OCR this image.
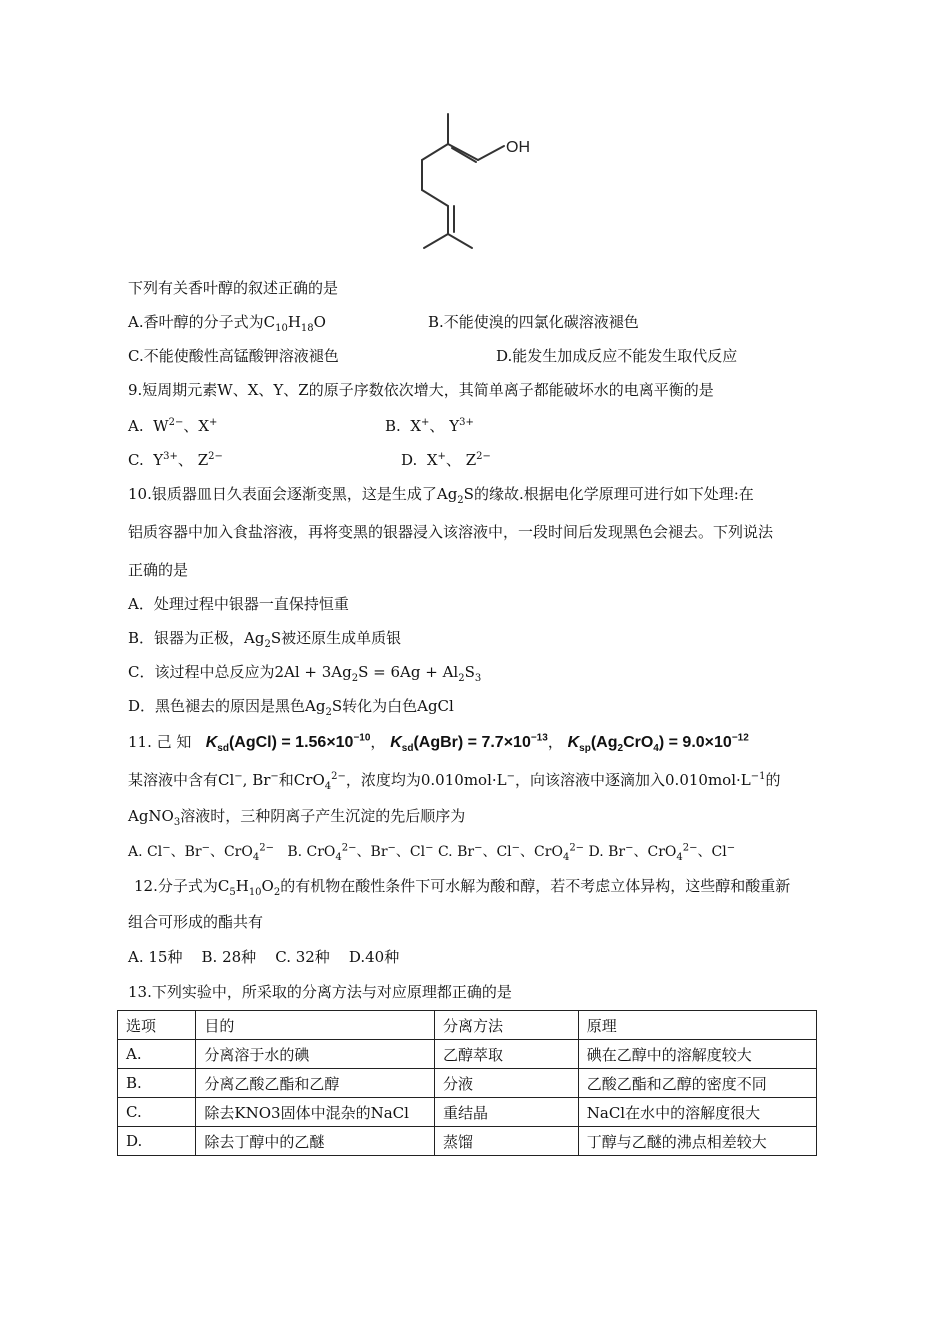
OH
下列有关香叶醇的叙述正确的是
A.香叶醇的分子式为$C_{10}H_{18}O$	B.不能使溴的四氯化碳溶液褪色
C.不能使酸性高锰酸钾溶液褪色	D.能发生加成反应不能发生取代反应
9.短周期元素W、X、Y、Z的原子序数依次增大，其简单离子都能破坏水的电离平衡的是
A. $W^{2-}$、X+	B. X+、 $Y^{3+}$
C. $Y^{3+}$、 $Z^{2-}$	D. X+、 $Z^{2-}$
10.银质器皿日久表面会逐渐变黑，这是生成了$Ag_2S$的缘故.根据电化学原理可进行如下处理:在
铝质容器中加入食盐溶液，再将变黑的银器浸入该溶液中，一段时间后发现黑色会褪去。下列说法
正确的是
A．处理过程中银器一直保持恒重
B．银器为正极，$Ag_2S$被还原生成单质银
C．该过程中总反应为$2Al + 3Ag_2S = 6Ag + Al_2S_3$
D．黑色褪去的原因是黑色$Ag_2S$转化为白色AgCl
11. 己 知 $K_{sd}(AgCl) = 1.56\times 10^{-10}$， $K_{sd}(AgBr) = 7.7\times 10^{-13}$， $K_{sp}(Ag_2CrO_4) = 9.0\times 10^{-12}$
某溶液中含有Cl−, Br−和CrO$_4^{2-}$，浓度均为0.010mol·L−，向该溶液中逐滴加入$0.010mol\cdot L^{-1}$的
AgNO$_3$溶液时，三种阴离子产生沉淀的先后顺序为
A. Cl−、Br−、CrO$_4^{2-}$ B. CrO$_4^{2-}$、Br−、Cl− C. Br−、Cl−、CrO$_4^{2-}$ D. Br−、CrO$_4^{2-}$、Cl−
12.分子式为$C_5H_{10}O_2$的有机物在酸性条件下可水解为酸和醇，若不考虑立体异构，这些醇和酸重新
组合可形成的酯共有
A. 15种    B. 28种    C. 32种    D.40种
13.下列实验中，所采取的分离方法与对应原理都正确的是
选项	目的	分离方法	原理
A.	分离溶于水的碘	乙醇萃取	碘在乙醇中的溶解度较大
B.	分离乙酸乙酯和乙醇	分液	乙酸乙酯和乙醇的密度不同
C.	除去KNO3固体中混杂的NaCl	重结晶	NaCl在水中的溶解度很大
D.	除去丁醇中的乙醚	蒸馏	丁醇与乙醚的沸点相差较大
